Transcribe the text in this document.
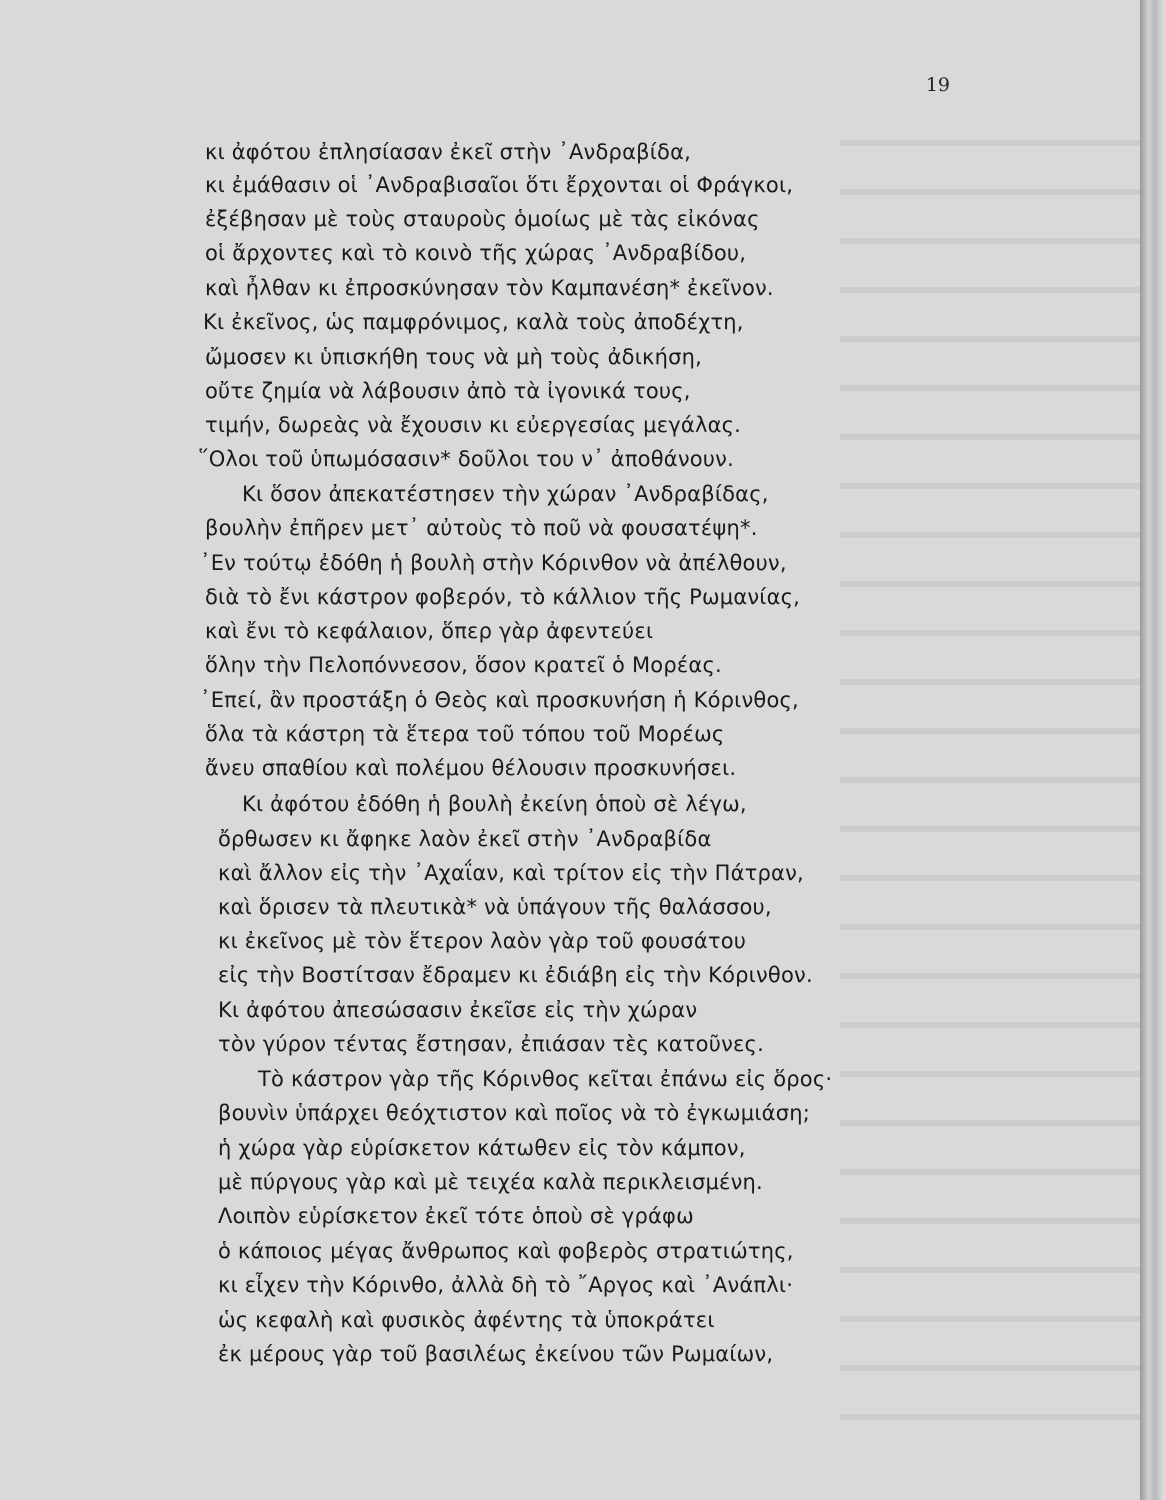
19
κι ἀφότου ἐπλησίασαν ἐκεῖ στὴν ᾿Ανδραβίδα,
κι ἐμάθασιν οἱ ᾿Ανδραβισαῖοι ὅτι ἔρχονται οἱ Φράγκοι,
ἐξέβησαν μὲ τοὺς σταυροὺς ὁμοίως μὲ τὰς εἰκόνας
οἱ ἄρχοντες καὶ τὸ κοινὸ τῆς χώρας ᾿Ανδραβίδου,
καὶ ἦλθαν κι ἐπροσκύνησαν τὸν Καμπανέση* ἐκεῖνον.
Κι ἐκεῖνος, ὡς παμφρόνιμος, καλὰ τοὺς ἀποδέχτη,
ὤμοσεν κι ὑπισκήθη τους νὰ μὴ τοὺς ἀδικήση,
οὔτε ζημία νὰ λάβουσιν ἀπὸ τὰ ἰγονικά τους,
τιμήν, δωρεὰς νὰ ἔχουσιν κι εὐεργεσίας μεγάλας.
῞Ολοι τοῦ ὑπωμόσασιν* δοῦλοι του ν᾿ ἀποθάνουν.
Κι ὅσον ἀπεκατέστησεν τὴν χώραν ᾿Ανδραβίδας,
βουλὴν ἐπῆρεν μετ᾿ αὐτοὺς τὸ ποῦ νὰ φουσατέψη*.
᾿Εν τούτῳ ἐδόθη ἡ βουλὴ στὴν Κόρινθον νὰ ἀπέλθουν,
διὰ τὸ ἔνι κάστρον φοβερόν, τὸ κάλλιον τῆς Ρωμανίας,
καὶ ἔνι τὸ κεφάλαιον, ὅπερ γὰρ ἀφεντεύει
ὅλην τὴν Πελοπόννεσον, ὅσον κρατεῖ ὁ Μορέας.
᾿Επεί, ἂν προστάξη ὁ Θεὸς καὶ προσκυνήση ἡ Κόρινθος,
ὅλα τὰ κάστρη τὰ ἕτερα τοῦ τόπου τοῦ Μορέως
ἄνευ σπαθίου καὶ πολέμου θέλουσιν προσκυνήσει.
Κι ἀφότου ἐδόθη ἡ βουλὴ ἐκείνη ὁποὺ σὲ λέγω,
ὄρθωσεν κι ἄφηκε λαὸν ἐκεῖ στὴν ᾿Ανδραβίδα
καὶ ἄλλον εἰς τὴν ᾿Αχαΐαν, καὶ τρίτον εἰς τὴν Πάτραν,
καὶ ὅρισεν τὰ πλευτικὰ* νὰ ὑπάγουν τῆς θαλάσσου,
κι ἐκεῖνος μὲ τὸν ἕτερον λαὸν γὰρ τοῦ φουσάτου
εἰς τὴν Βοστίτσαν ἔδραμεν κι ἐδιάβη εἰς τὴν Κόρινθον.
Κι ἀφότου ἀπεσώσασιν ἐκεῖσε εἰς τὴν χώραν
τὸν γύρον τέντας ἔστησαν, ἐπιάσαν τὲς κατοῦνες.
Τὸ κάστρον γὰρ τῆς Κόρινθος κεῖται ἐπάνω εἰς ὅρος·
βουνὶν ὑπάρχει θεόχτιστον καὶ ποῖος νὰ τὸ ἐγκωμιάση;
ἡ χώρα γὰρ εὑρίσκετον κάτωθεν εἰς τὸν κάμπον,
μὲ πύργους γὰρ καὶ μὲ τειχέα καλὰ περικλεισμένη.
Λοιπὸν εὑρίσκετον ἐκεῖ τότε ὁποὺ σὲ γράφω
ὁ κάποιος μέγας ἄνθρωπος καὶ φοβερὸς στρατιώτης,
κι εἶχεν τὴν Κόρινθο, ἀλλὰ δὴ τὸ ῎Αργος καὶ ᾿Ανάπλι·
ὡς κεφαλὴ καὶ φυσικὸς ἀφέντης τὰ ὑποκράτει
ἐκ μέρους γὰρ τοῦ βασιλέως ἐκείνου τῶν Ρωμαίων,
